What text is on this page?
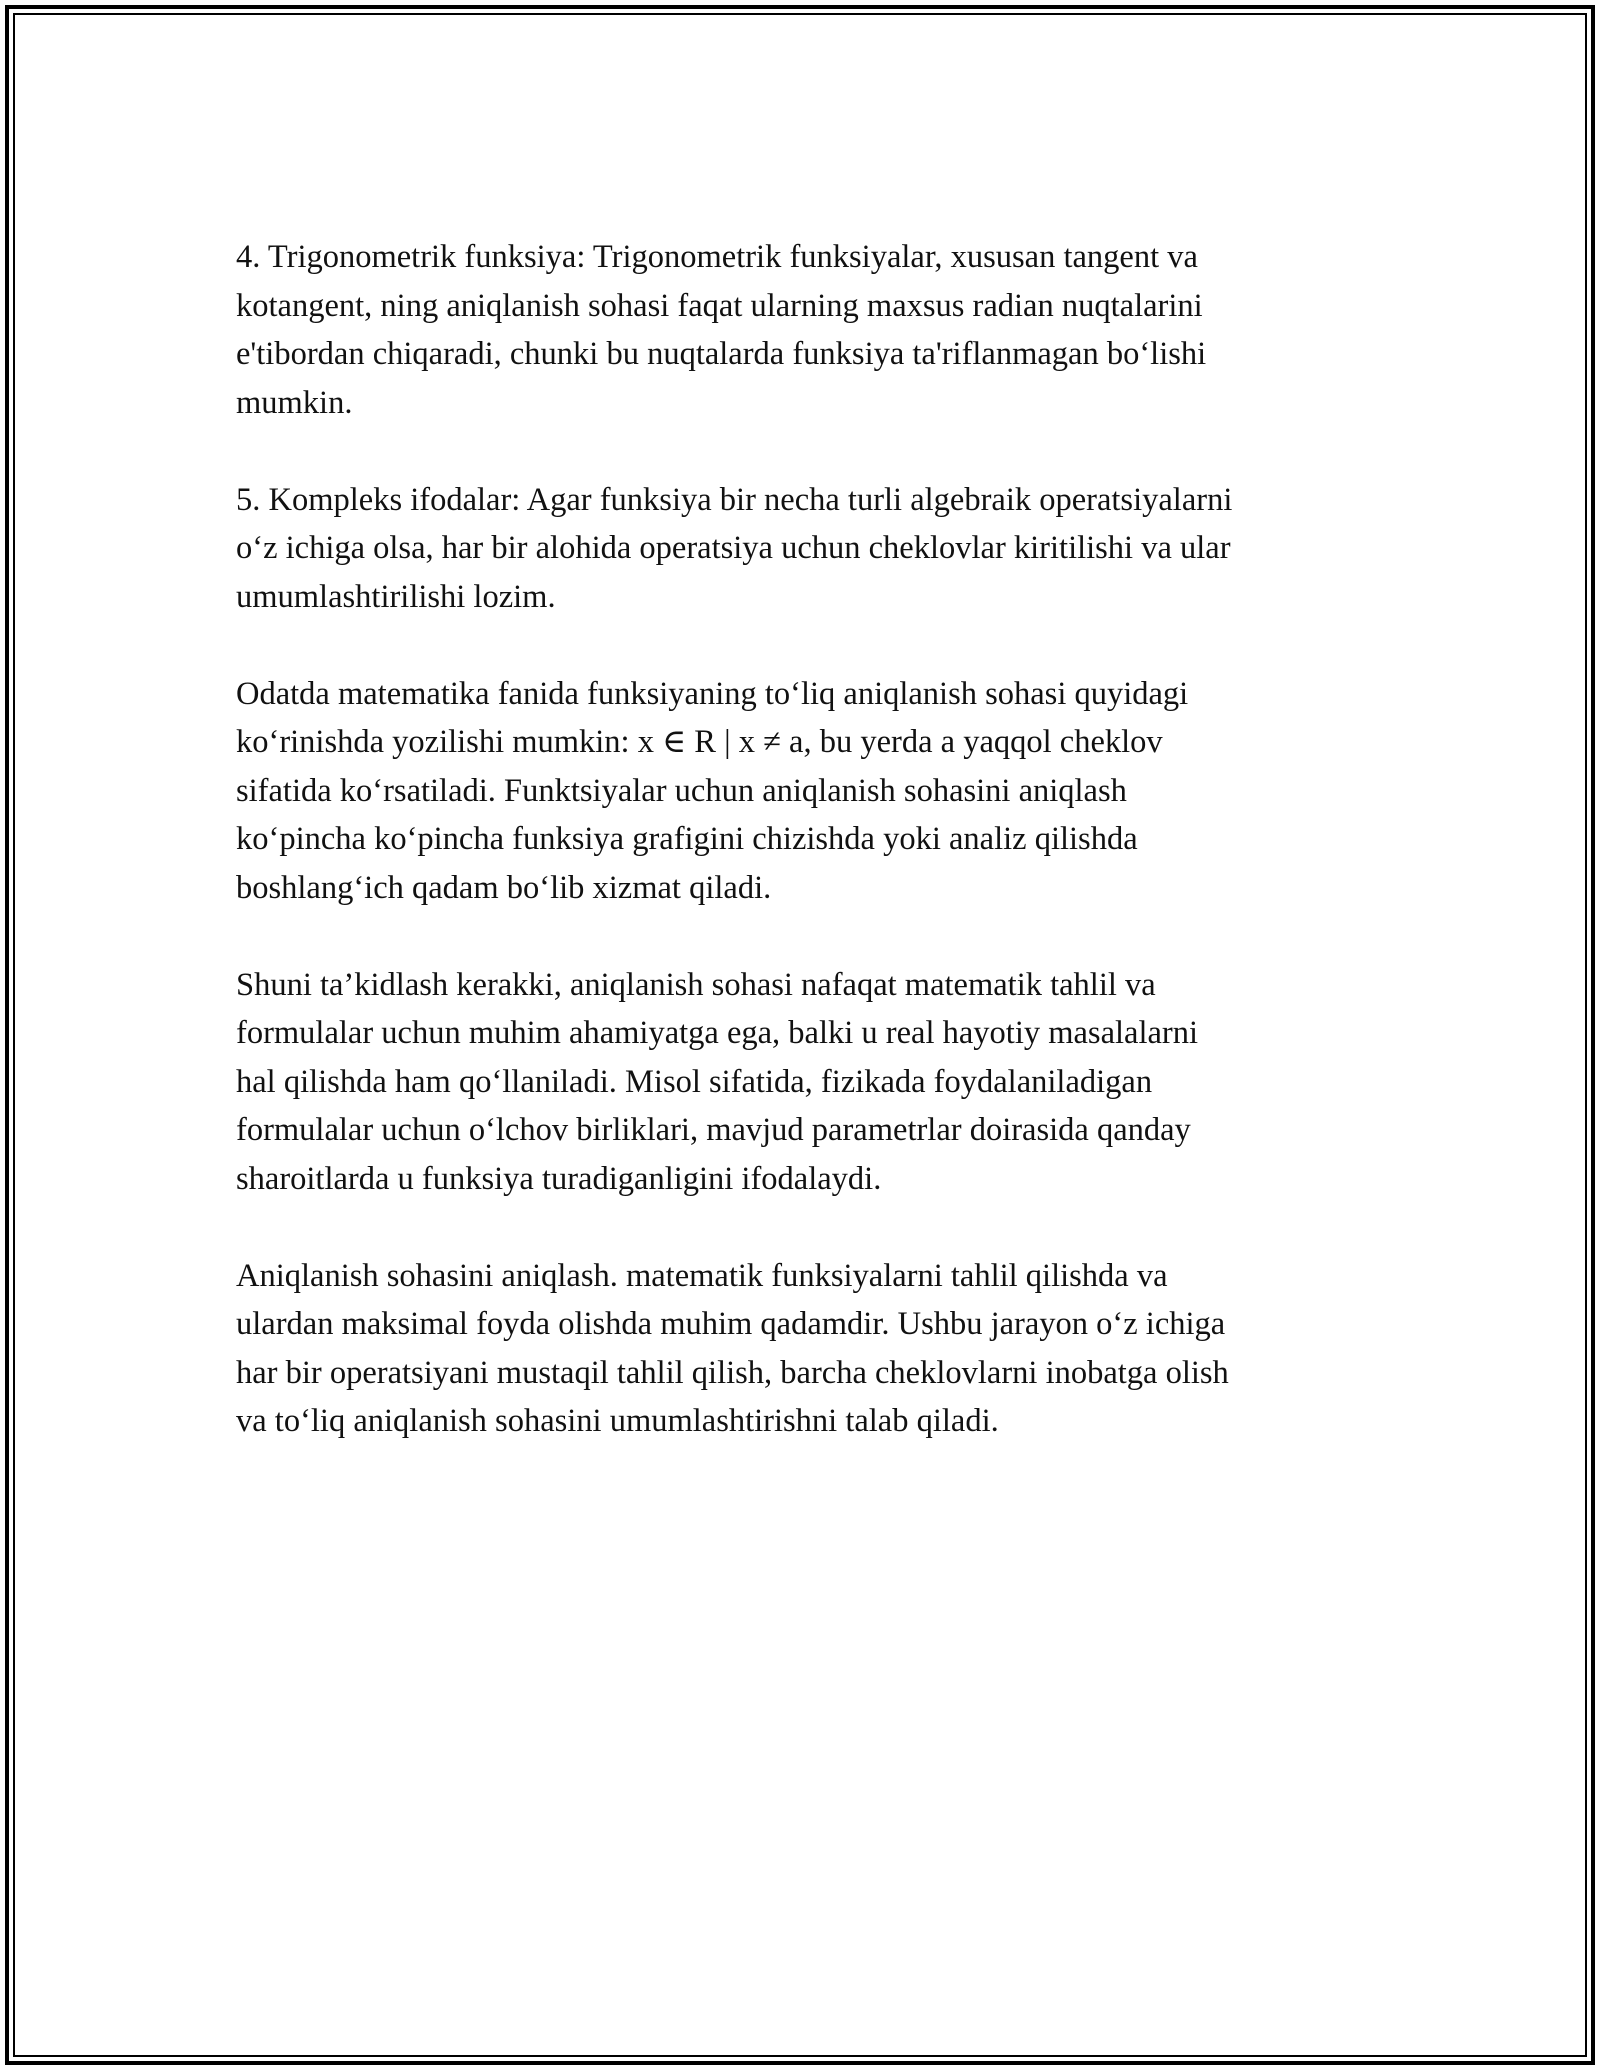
4. Trigonometrik funksiya: Trigonometrik funksiyalar, xususan tangent va
kotangent, ning aniqlanish sohasi faqat ularning maxsus radian nuqtalarini
e'tibordan chiqaradi, chunki bu nuqtalarda funksiya ta'riflanmagan bo‘lishi
mumkin.

5. Kompleks ifodalar: Agar funksiya bir necha turli algebraik operatsiyalarni
o‘z ichiga olsa, har bir alohida operatsiya uchun cheklovlar kiritilishi va ular
umumlashtirilishi lozim.

Odatda matematika fanida funksiyaning to‘liq aniqlanish sohasi quyidagi
ko‘rinishda yozilishi mumkin: x ∈ R | x ≠ a, bu yerda a yaqqol cheklov
sifatida ko‘rsatiladi. Funktsiyalar uchun aniqlanish sohasini aniqlash
ko‘pincha ko‘pincha funksiya grafigini chizishda yoki analiz qilishda
boshlang‘ich qadam bo‘lib xizmat qiladi.

Shuni ta’kidlash kerakki, aniqlanish sohasi nafaqat matematik tahlil va
formulalar uchun muhim ahamiyatga ega, balki u real hayotiy masalalarni
hal qilishda ham qo‘llaniladi. Misol sifatida, fizikada foydalaniladigan
formulalar uchun o‘lchov birliklari, mavjud parametrlar doirasida qanday
sharoitlarda u funksiya turadiganligini ifodalaydi.

Aniqlanish sohasini aniqlash. matematik funksiyalarni tahlil qilishda va
ulardan maksimal foyda olishda muhim qadamdir. Ushbu jarayon o‘z ichiga
har bir operatsiyani mustaqil tahlil qilish, barcha cheklovlarni inobatga olish
va to‘liq aniqlanish sohasini umumlashtirishni talab qiladi.
